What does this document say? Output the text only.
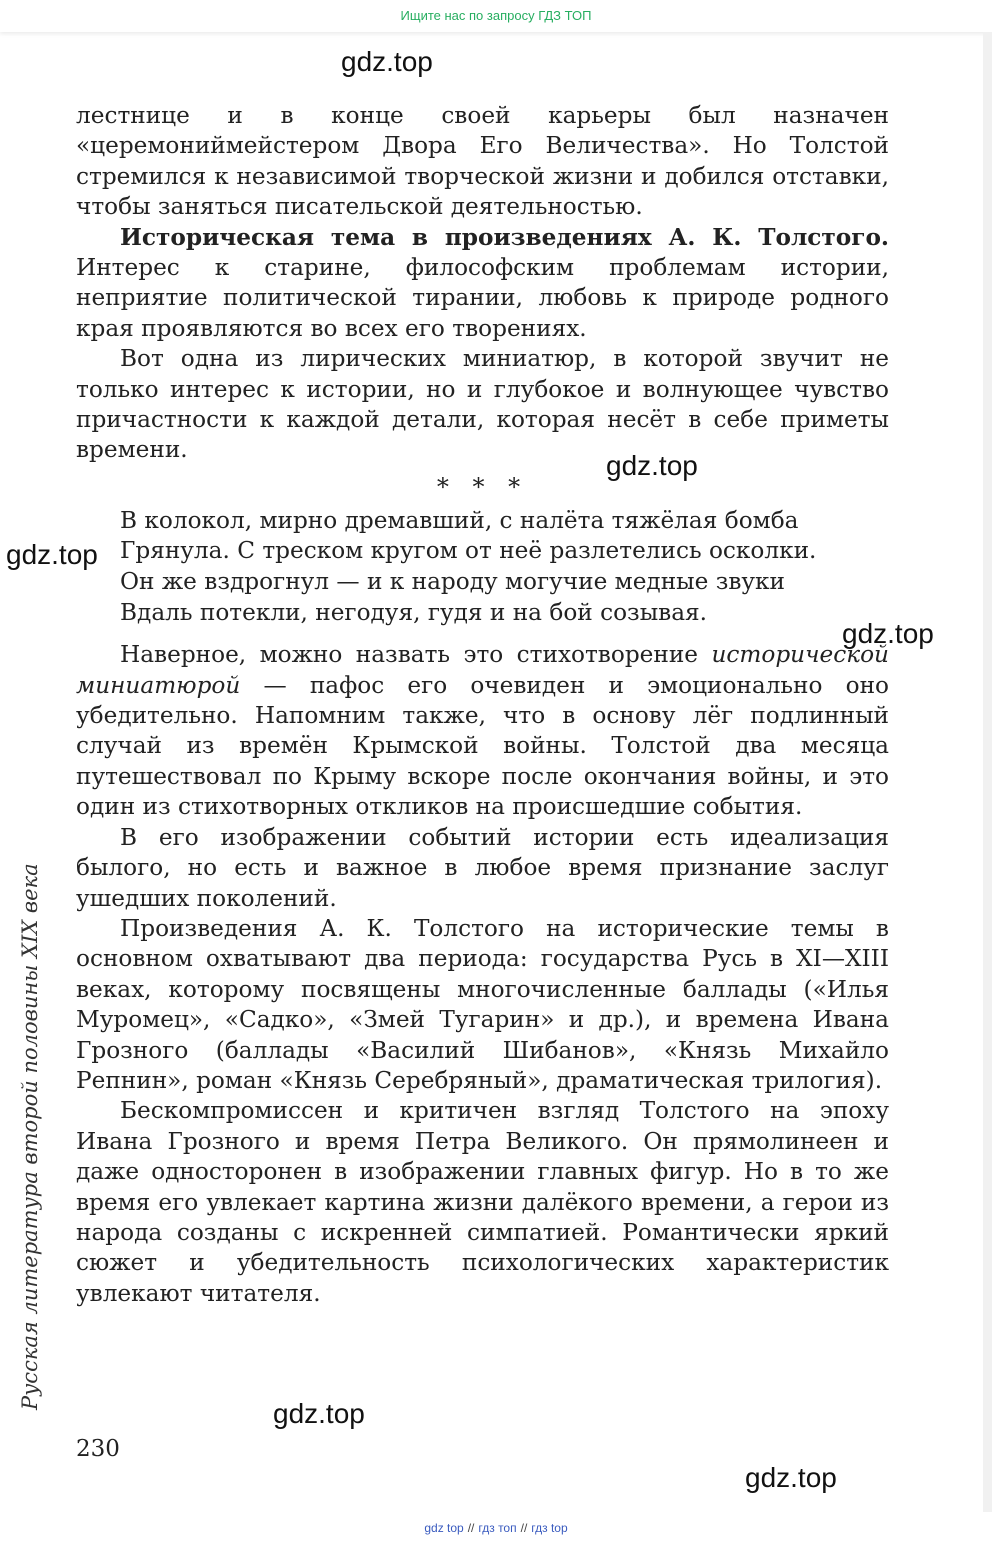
Ищите нас по запросу ГДЗ ТОП

лестнице и в конце своей карьеры был назначен «церемониймейстером Двора Его Величества». Но Толстой стремился к независимой творческой жизни и добился отставки, чтобы заняться писательской деятельностью.

Историческая тема в произведениях А. К. Толстого. Интерес к старине, философским проблемам истории, неприятие политической тирании, любовь к природе родного края проявляются во всех его творениях.

Вот одна из лирических миниатюр, в которой звучит не только интерес к истории, но и глубокое и волнующее чувство причастности к каждой детали, которая несёт в себе приметы времени.

* * *
В колокол, мирно дремавший, с налёта тяжёлая бомба
Грянула. С треском кругом от неё разлетелись осколки.
Он же вздрогнул — и к народу могучие медные звуки
Вдаль потекли, негодуя, гудя и на бой созывая.

Наверное, можно назвать это стихотворение исторической миниатюрой — пафос его очевиден и эмоционально оно убедительно. Напомним также, что в основу лёг подлинный случай из времён Крымской войны. Толстой два месяца путешествовал по Крыму вскоре после окончания войны, и это один из стихотворных откликов на происшедшие события.

В его изображении событий истории есть идеализация былого, но есть и важное в любое время признание заслуг ушедших поколений.

Произведения А. К. Толстого на исторические темы в основном охватывают два периода: государства Русь в XI—XIII веках, которому посвящены многочисленные баллады («Илья Муромец», «Садко», «Змей Тугарин» и др.), и времена Ивана Грозного (баллады «Василий Шибанов», «Князь Михайло Репнин», роман «Князь Серебряный», драматическая трилогия).

Бескомпромиссен и критичен взгляд Толстого на эпоху Ивана Грозного и время Петра Великого. Он прямолинеен и даже односторонен в изображении главных фигур. Но в то же время его увлекает картина жизни далёкого времени, а герои из народа созданы с искренней симпатией. Романтически яркий сюжет и убедительность психологических характеристик увлекают читателя.

Русская литература второй половины XIX века
230
gdz.top
gdz.top
gdz.top
gdz.top
gdz.top
gdz.top
gdz top // гдз топ // гдз top
